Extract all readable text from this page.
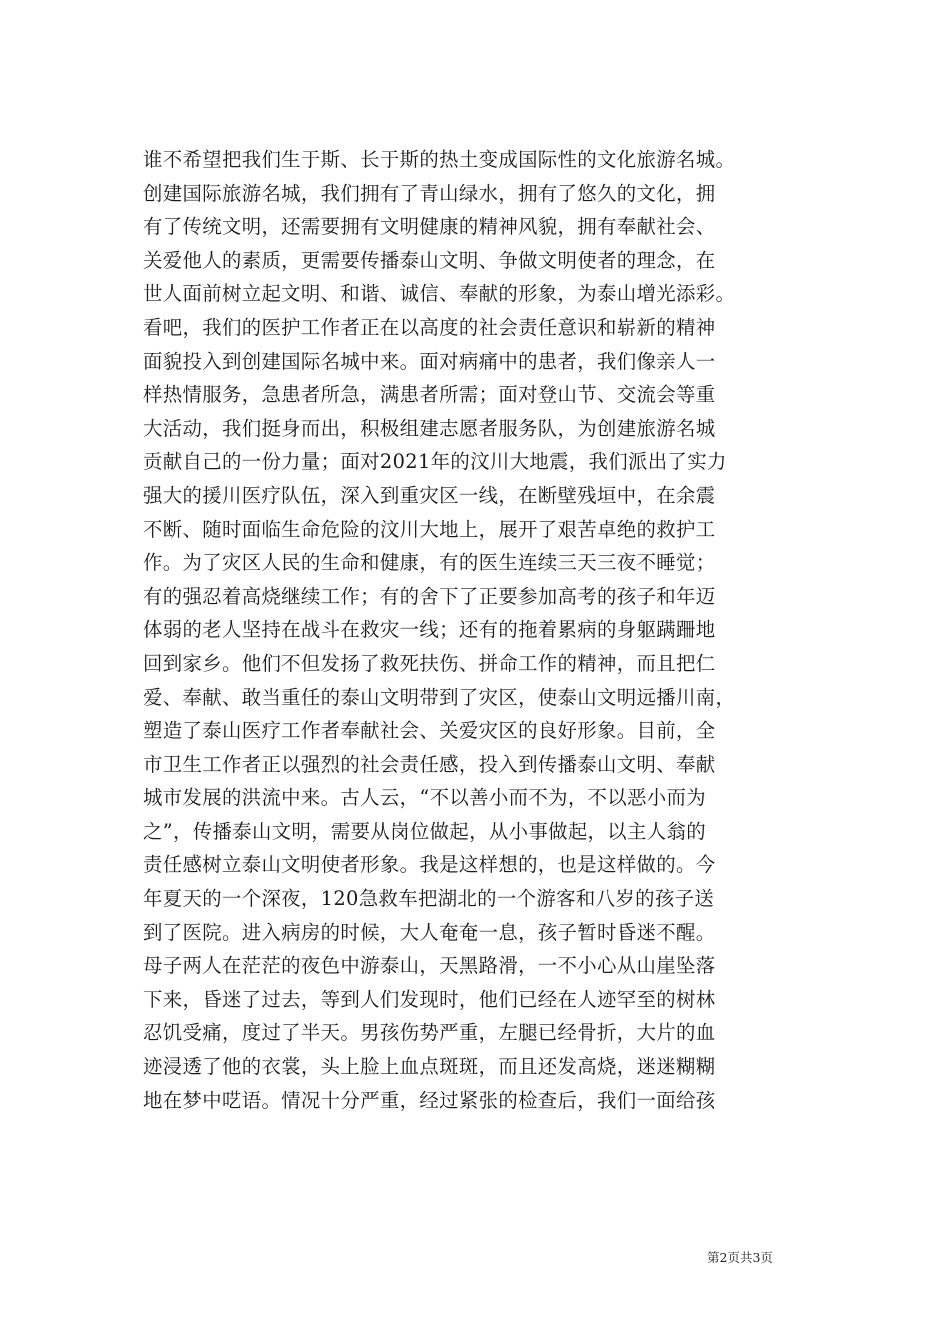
谁不希望把我们生于斯、长于斯的热土变成国际性的文化旅游名城。
创建国际旅游名城，我们拥有了青山绿水，拥有了悠久的文化，拥
有了传统文明，还需要拥有文明健康的精神风貌，拥有奉献社会、
关爱他人的素质，更需要传播泰山文明、争做文明使者的理念，在
世人面前树立起文明、和谐、诚信、奉献的形象，为泰山增光添彩。
看吧，我们的医护工作者正在以高度的社会责任意识和崭新的精神
面貌投入到创建国际名城中来。面对病痛中的患者，我们像亲人一
样热情服务，急患者所急，满患者所需；面对登山节、交流会等重
大活动，我们挺身而出，积极组建志愿者服务队，为创建旅游名城
贡献自己的一份力量；面对2021年的汶川大地震，我们派出了实力
强大的援川医疗队伍，深入到重灾区一线，在断壁残垣中，在余震
不断、随时面临生命危险的汶川大地上，展开了艰苦卓绝的救护工
作。为了灾区人民的生命和健康，有的医生连续三天三夜不睡觉；
有的强忍着高烧继续工作；有的舍下了正要参加高考的孩子和年迈
体弱的老人坚持在战斗在救灾一线；还有的拖着累病的身躯蹒跚地
回到家乡。他们不但发扬了救死扶伤、拼命工作的精神，而且把仁
爱、奉献、敢当重任的泰山文明带到了灾区，使泰山文明远播川南，
塑造了泰山医疗工作者奉献社会、关爱灾区的良好形象。目前，全
市卫生工作者正以强烈的社会责任感，投入到传播泰山文明、奉献
城市发展的洪流中来。古人云，“不以善小而不为，不以恶小而为
之”，传播泰山文明，需要从岗位做起，从小事做起，以主人翁的
责任感树立泰山文明使者形象。我是这样想的，也是这样做的。今
年夏天的一个深夜，120急救车把湖北的一个游客和八岁的孩子送
到了医院。进入病房的时候，大人奄奄一息，孩子暂时昏迷不醒。
母子两人在茫茫的夜色中游泰山，天黑路滑，一不小心从山崖坠落
下来，昏迷了过去，等到人们发现时，他们已经在人迹罕至的树林
忍饥受痛，度过了半天。男孩伤势严重，左腿已经骨折，大片的血
迹浸透了他的衣裳，头上脸上血点斑斑，而且还发高烧，迷迷糊糊
地在梦中呓语。情况十分严重，经过紧张的检查后，我们一面给孩
第2页共3页
